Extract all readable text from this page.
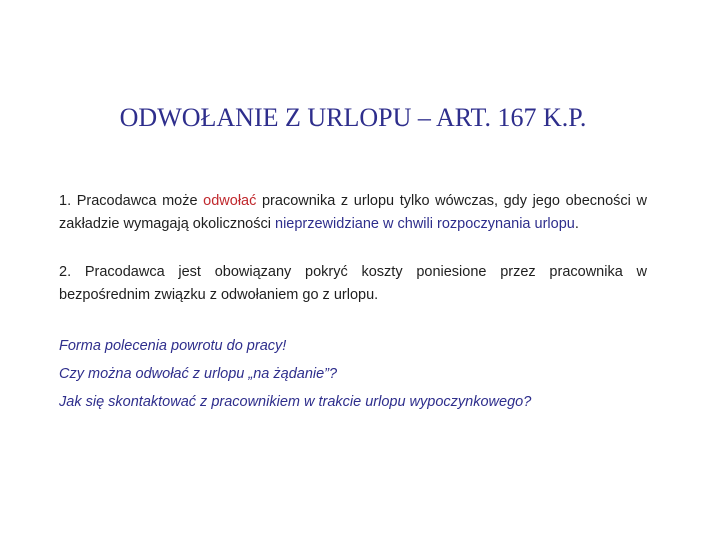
ODWOŁANIE Z URLOPU – ART. 167 K.P.

1. Pracodawca może odwołać pracownika z urlopu tylko wówczas, gdy jego obecności w zakładzie wymagają okoliczności nieprzewidziane w chwili rozpoczynania urlopu.

2. Pracodawca jest obowiązany pokryć koszty poniesione przez pracownika w bezpośrednim związku z odwołaniem go z urlopu.

Forma polecenia powrotu do pracy!

Czy można odwołać z urlopu „na żądanie”?

Jak się skontaktować z pracownikiem w trakcie urlopu wypoczynkowego?
